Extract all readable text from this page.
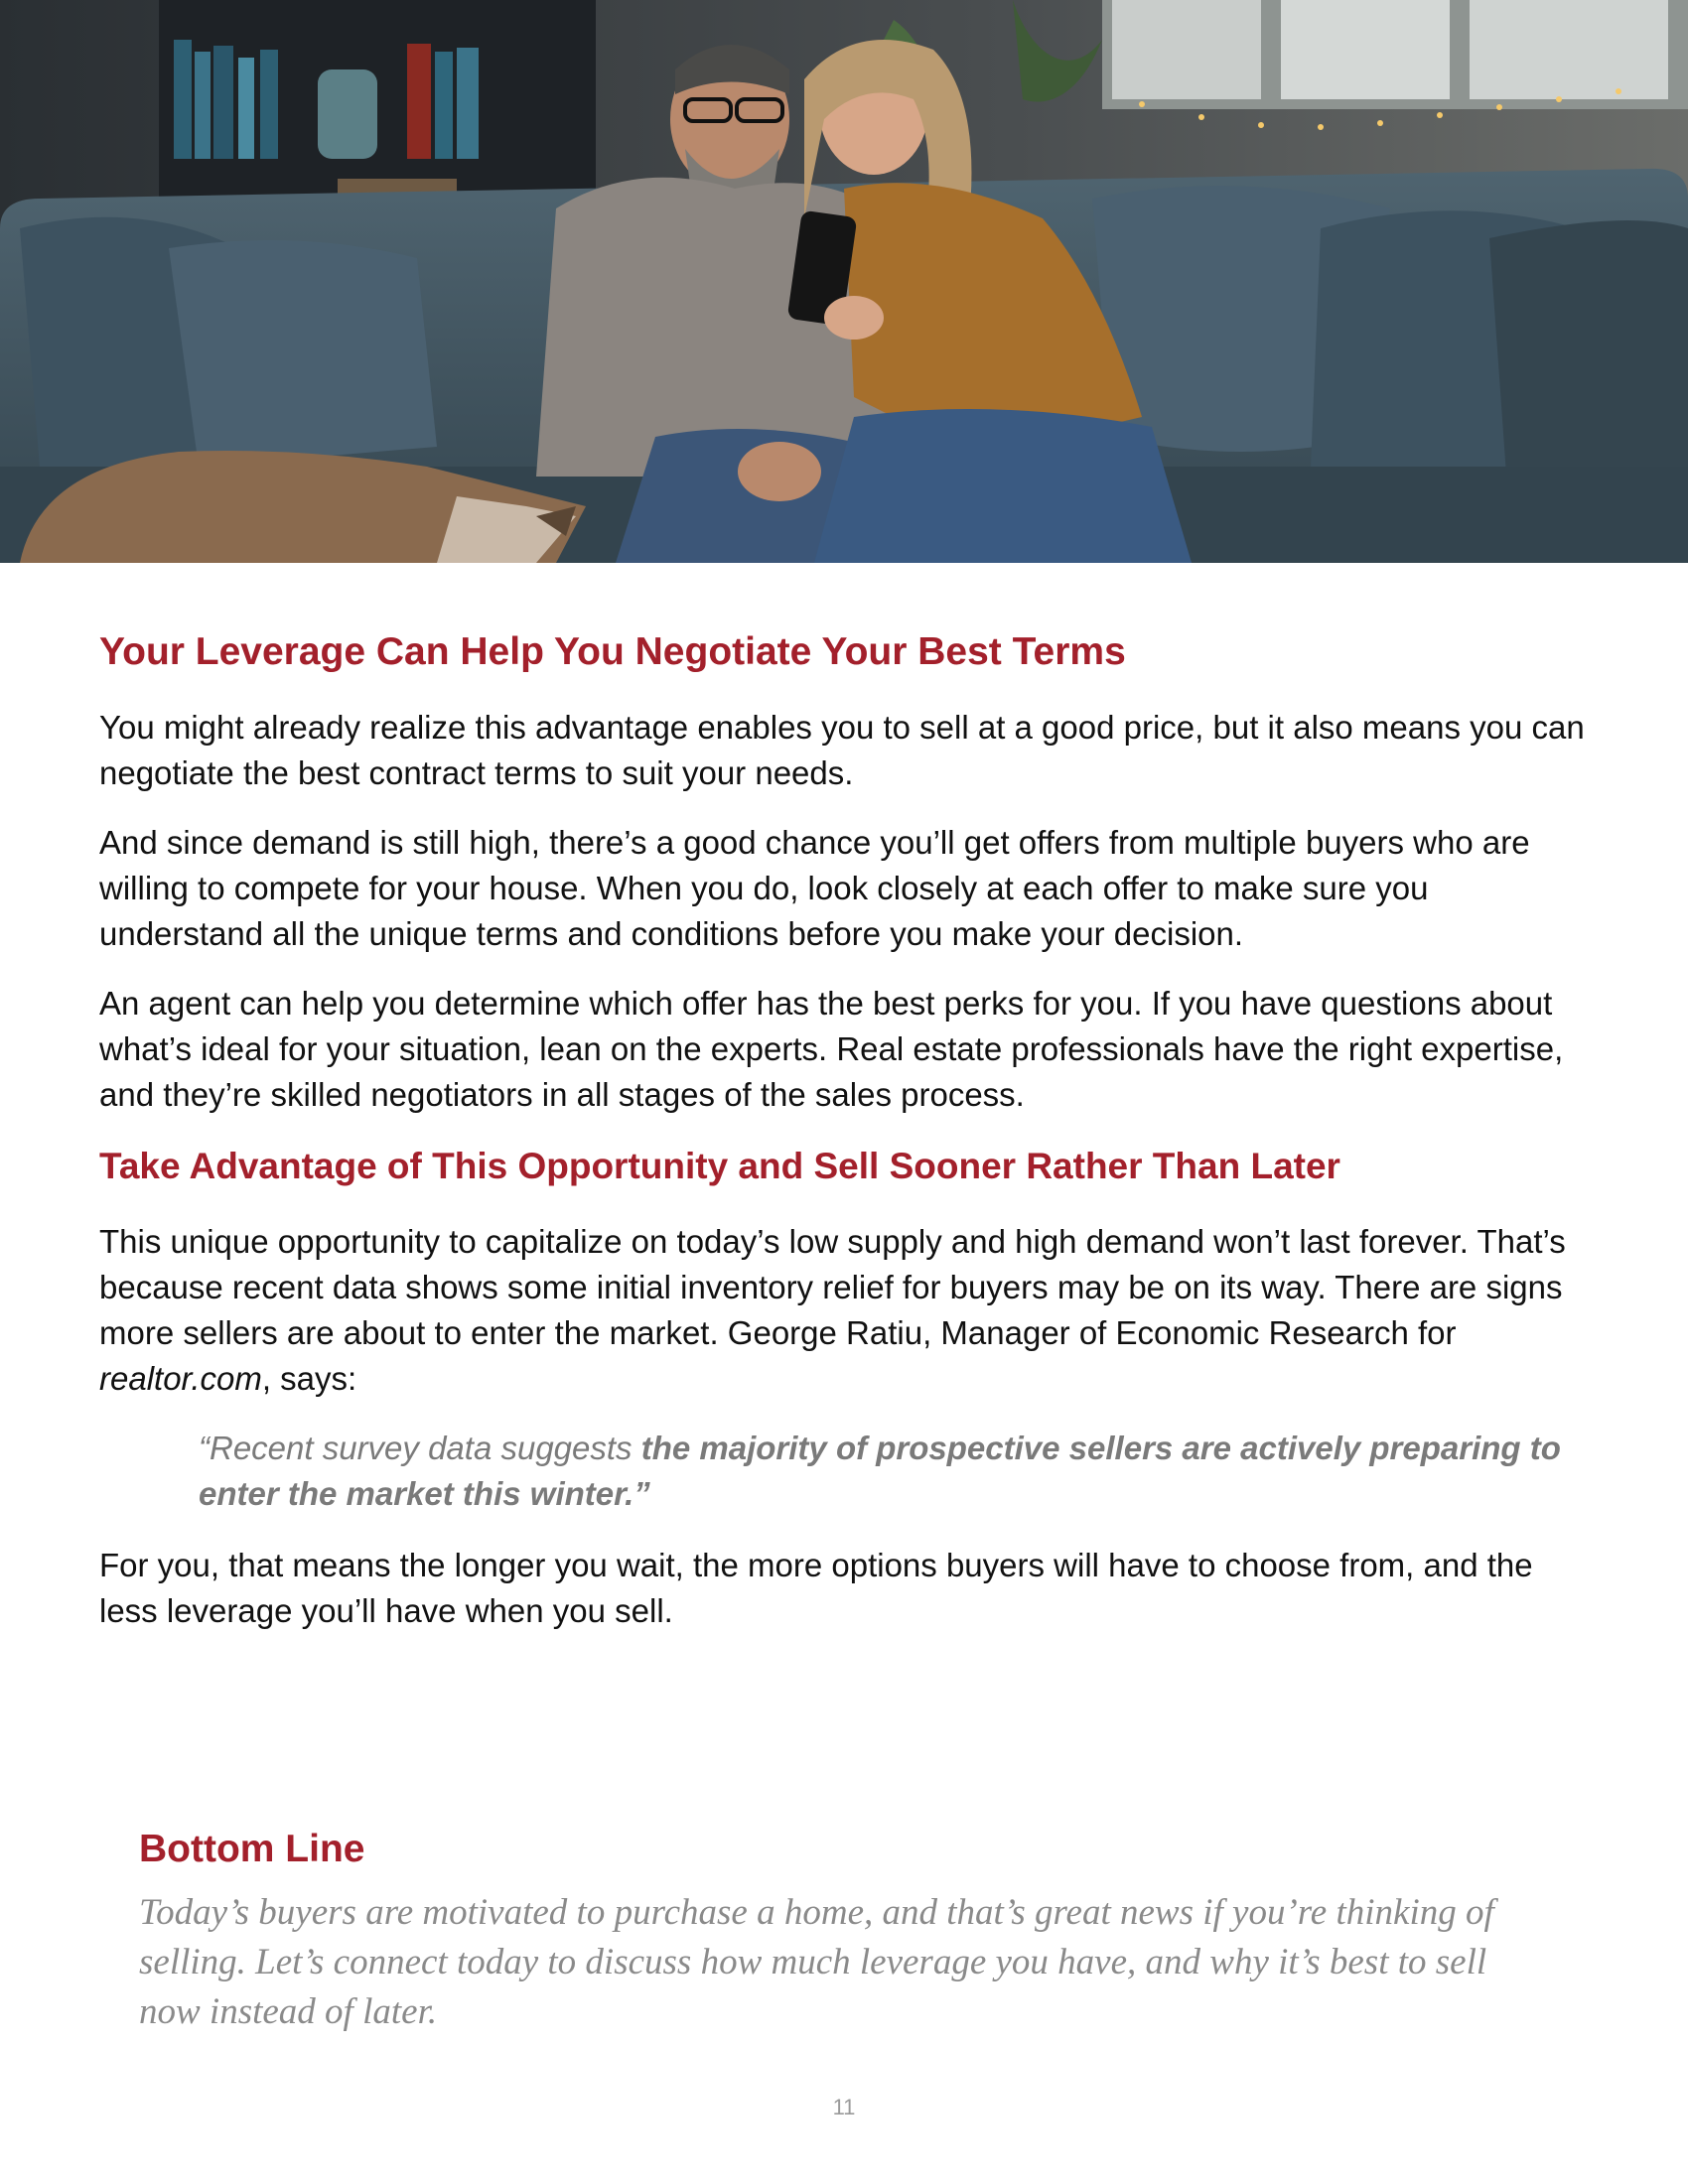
Your Leverage Can Help You Negotiate Your Best Terms

You might already realize this advantage enables you to sell at a good price, but it also means you can negotiate the best contract terms to suit your needs.

And since demand is still high, there’s a good chance you’ll get offers from multiple buyers who are willing to compete for your house. When you do, look closely at each offer to make sure you understand all the unique terms and conditions before you make your decision.

An agent can help you determine which offer has the best perks for you. If you have questions about what’s ideal for your situation, lean on the experts. Real estate professionals have the right expertise, and they’re skilled negotiators in all stages of the sales process.

Take Advantage of This Opportunity and Sell Sooner Rather Than Later

This unique opportunity to capitalize on today’s low supply and high demand won’t last forever. That’s because recent data shows some initial inventory relief for buyers may be on its way. There are signs more sellers are about to enter the market. George Ratiu, Manager of Economic Research for realtor.com, says:

“Recent survey data suggests the majority of prospective sellers are actively preparing to enter the market this winter.”

For you, that means the longer you wait, the more options buyers will have to choose from, and the less leverage you’ll have when you sell.

Bottom Line

Today’s buyers are motivated to purchase a home, and that’s great news if you’re thinking of selling. Let’s connect today to discuss how much leverage you have, and why it’s best to sell now instead of later.

11
